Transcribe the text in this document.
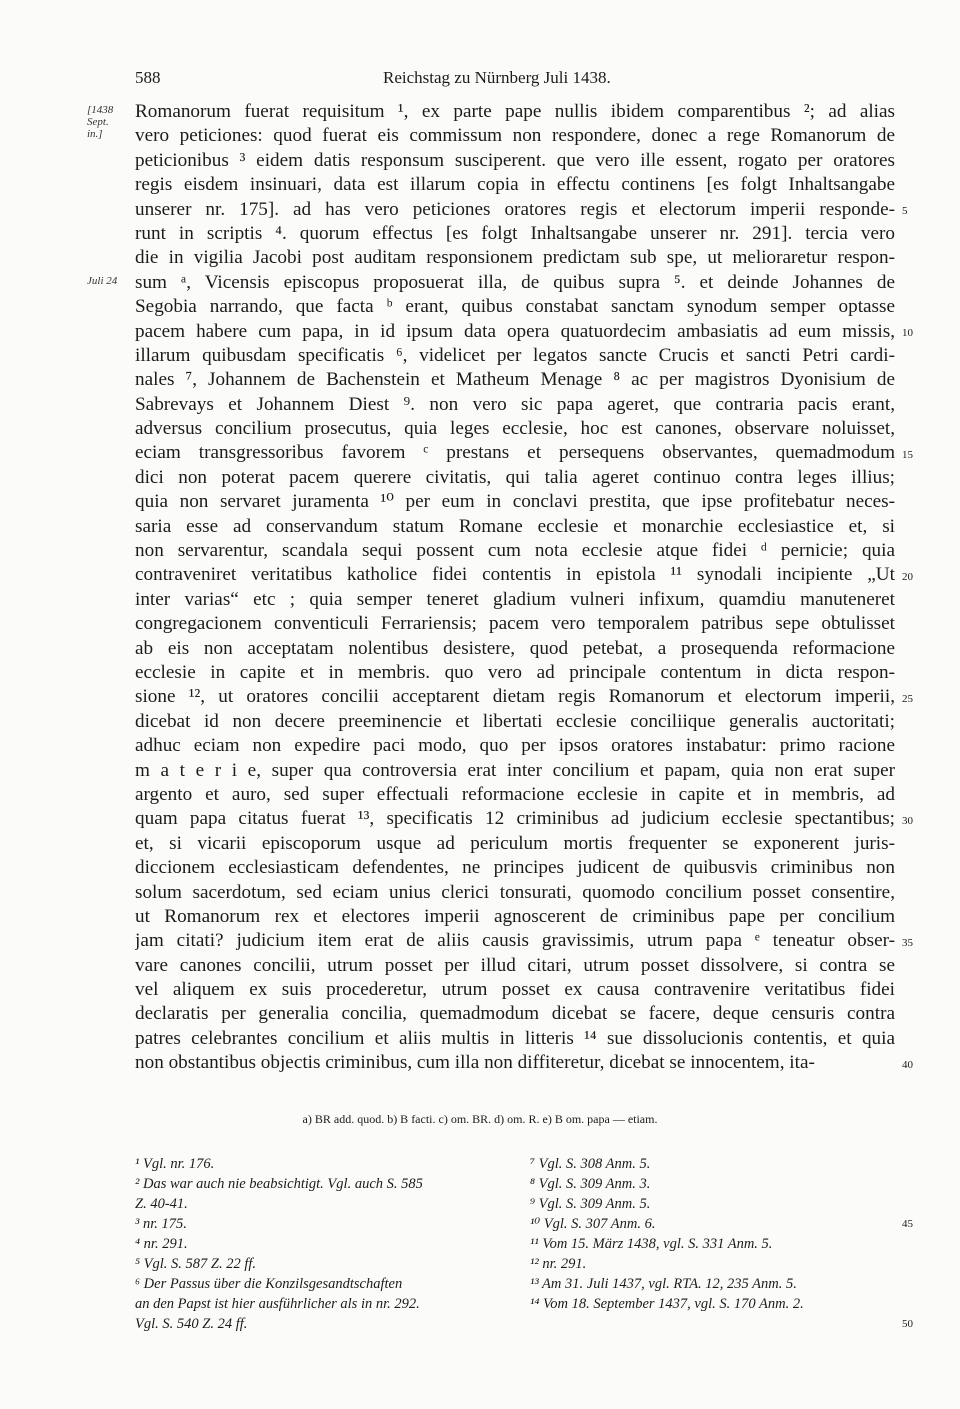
588	Reichstag zu Nürnberg Juli 1438.
[1438
Sept.
in.]
Juli 24
Romanorum fuerat requisitum ¹, ex parte pape nullis ibidem comparentibus ²; ad alias
vero peticiones: quod fuerat eis commissum non respondere, donec a rege Romanorum de
peticionibus ³ eidem datis responsum susciperent. que vero ille essent, rogato per oratores
regis eisdem insinuari, data est illarum copia in effectu continens [es folgt Inhaltsangabe
unserer nr. 175]. ad has vero peticiones oratores regis et electorum imperii responde-
runt in scriptis ⁴. quorum effectus [es folgt Inhaltsangabe unserer nr. 291]. tercia vero
die in vigilia Jacobi post auditam responsionem predictam sub spe, ut melioraretur respon-
sum ᵃ, Vicensis episcopus proposuerat illa, de quibus supra ⁵. et deinde Johannes de
Segobia narrando, que facta ᵇ erant, quibus constabat sanctam synodum semper optasse
pacem habere cum papa, in id ipsum data opera quatuordecim ambasiatis ad eum missis,
illarum quibusdam specificatis ⁶, videlicet per legatos sancte Crucis et sancti Petri cardi-
nales ⁷, Johannem de Bachenstein et Matheum Menage ⁸ ac per magistros Dyonisium de
Sabrevays et Johannem Diest ⁹. non vero sic papa ageret, que contraria pacis erant,
adversus concilium prosecutus, quia leges ecclesie, hoc est canones, observare noluisset,
eciam transgressoribus favorem ᶜ prestans et persequens observantes, quemadmodum
dici non poterat pacem querere civitatis, qui talia ageret continuo contra leges illius;
quia non servaret juramenta ¹⁰ per eum in conclavi prestita, que ipse profitebatur neces-
saria esse ad conservandum statum Romane ecclesie et monarchie ecclesiastice et, si
non servarentur, scandala sequi possent cum nota ecclesie atque fidei ᵈ pernicie; quia
contraveniret veritatibus katholice fidei contentis in epistola ¹¹ synodali incipiente „Ut
inter varias“ etc ; quia semper teneret gladium vulneri infixum, quamdiu manuteneret
congregacionem conventiculi Ferrariensis; pacem vero temporalem patribus sepe obtulisset
ab eis non acceptatam nolentibus desistere, quod petebat, a prosequenda reformacione
ecclesie in capite et in membris. quo vero ad principale contentum in dicta respon-
sione ¹², ut oratores concilii acceptarent dietam regis Romanorum et electorum imperii,
dicebat id non decere preeminencie et libertati ecclesie conciliique generalis auctoritati;
adhuc eciam non expedire paci modo, quo per ipsos oratores instabatur: primo racione
m a t e r i e, super qua controversia erat inter concilium et papam, quia non erat super
argento et auro, sed super effectuali reformacione ecclesie in capite et in membris, ad
quam papa citatus fuerat ¹³, specificatis 12 criminibus ad judicium ecclesie spectantibus;
et, si vicarii episcoporum usque ad periculum mortis frequenter se exponerent juris-
diccionem ecclesiasticam defendentes, ne principes judicent de quibusvis criminibus non
solum sacerdotum, sed eciam unius clerici tonsurati, quomodo concilium posset consentire,
ut Romanorum rex et electores imperii agnoscerent de criminibus pape per concilium
jam citati? judicium item erat de aliis causis gravissimis, utrum papa ᵉ teneatur obser-
vare canones concilii, utrum posset per illud citari, utrum posset dissolvere, si contra se
vel aliquem ex suis procederetur, utrum posset ex causa contravenire veritatibus fidei
declaratis per generalia concilia, quemadmodum dicebat se facere, deque censuris contra
patres celebrantes concilium et aliis multis in litteris ¹⁴ sue dissolucionis contentis, et quia
non obstantibus objectis criminibus, cum illa non diffiteretur, dicebat se innocentem, ita-
5
10
15
20
25
30
35
40
a) BR add. quod. b) B facti. c) om. BR. d) om. R. e) B om. papa — etiam.
¹ Vgl. nr. 176.
² Das war auch nie beabsichtigt. Vgl. auch S. 585
Z. 40-41.
³ nr. 175.
⁴ nr. 291.
⁵ Vgl. S. 587 Z. 22 ff.
⁶ Der Passus über die Konzilsgesandtschaften
an den Papst ist hier ausführlicher als in nr. 292.
Vgl. S. 540 Z. 24 ff.
⁷ Vgl. S. 308 Anm. 5.
⁸ Vgl. S. 309 Anm. 3.
⁹ Vgl. S. 309 Anm. 5.
¹⁰ Vgl. S. 307 Anm. 6.
¹¹ Vom 15. März 1438, vgl. S. 331 Anm. 5.
¹² nr. 291.
¹³ Am 31. Juli 1437, vgl. RTA. 12, 235 Anm. 5.
¹⁴ Vom 18. September 1437, vgl. S. 170 Anm. 2.
45
50
